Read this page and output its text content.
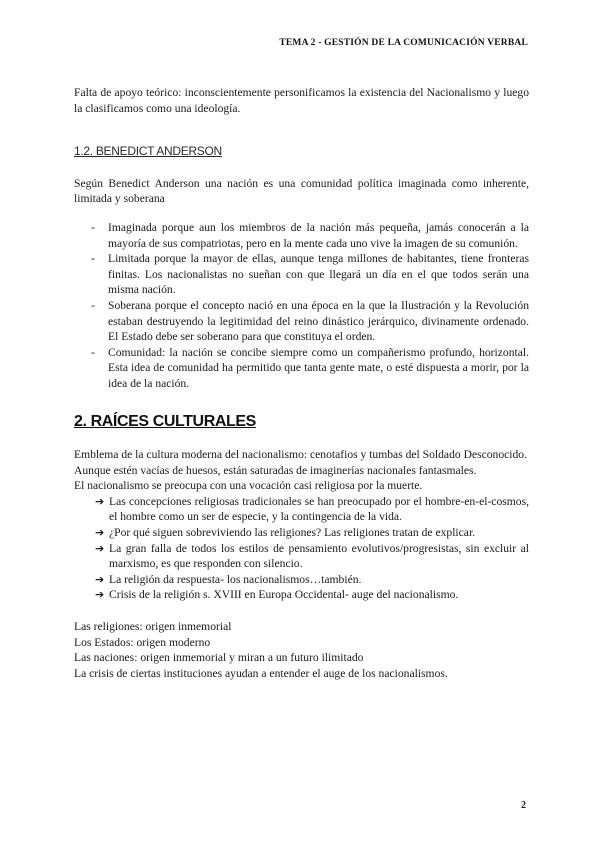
TEMA 2 - GESTIÓN DE LA COMUNICACIÓN VERBAL

Falta de apoyo teórico: inconscientemente personificamos la existencia del Nacionalismo y luego la clasificamos como una ideología.

1.2. BENEDICT ANDERSON

Según Benedict Anderson una nación es una comunidad política imaginada como inherente, limitada y soberana

- Imaginada porque aun los miembros de la nación más pequeña, jamás conocerán a la mayoría de sus compatriotas, pero en la mente cada uno vive la imagen de su comunión.
- Limitada porque la mayor de ellas, aunque tenga millones de habitantes, tiene fronteras finitas. Los nacionalistas no sueñan con que llegará un día en el que todos serán una misma nación.
- Soberana porque el concepto nació en una época en la que la Ilustración y la Revolución estaban destruyendo la legitimidad del reino dinástico jerárquico, divinamente ordenado. El Estado debe ser soberano para que constituya el orden.
- Comunidad: la nación se concibe siempre como un compañerismo profundo, horizontal. Esta idea de comunidad ha permitido que tanta gente mate, o esté dispuesta a morir, por la idea de la nación.
2. RAÍCES CULTURALES

Emblema de la cultura moderna del nacionalismo: cenotafios y tumbas del Soldado Desconocido.

Aunque estén vacías de huesos, están saturadas de imaginerías nacionales fantasmales.

El nacionalismo se preocupa con una vocación casi religiosa por la muerte.

➔ Las concepciones religiosas tradicionales se han preocupado por el hombre-en-el-cosmos, el hombre como un ser de especie, y la contingencia de la vida.
➔ ¿Por qué siguen sobreviviendo las religiones? Las religiones tratan de explicar.
➔ La gran falla de todos los estilos de pensamiento evolutivos/progresistas, sin excluir al marxismo, es que responden con silencio.
➔ La religión da respuesta- los nacionalismos…también.
➔ Crisis de la religión s. XVIII en Europa Occidental- auge del nacionalismo.

Las religiones: origen inmemorial

Los Estados: origen moderno

Las naciones: origen inmemorial y miran a un futuro ilimitado

La crisis de ciertas instituciones ayudan a entender el auge de los nacionalismos.

2
